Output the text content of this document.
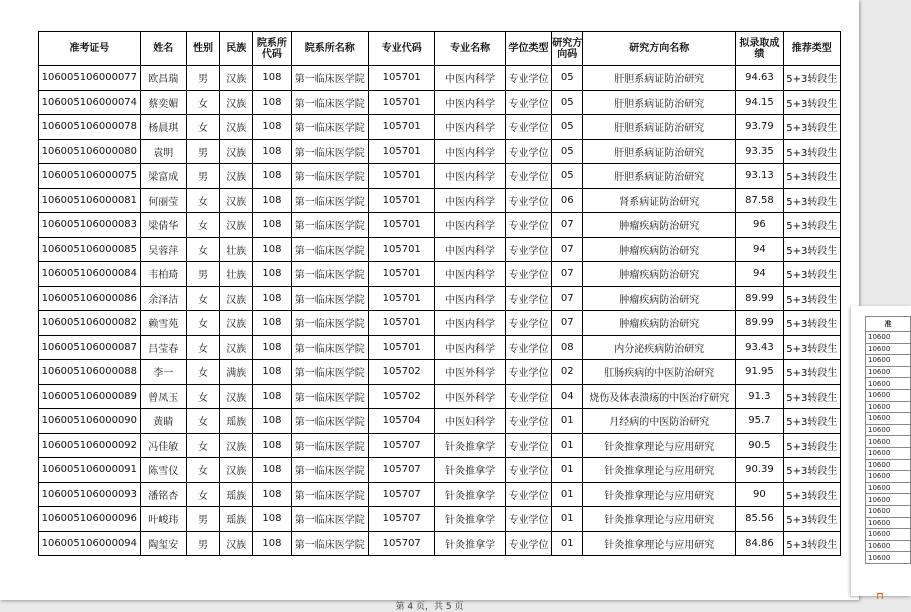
准考证号	姓名	性别	民族	院系所代码	院系所名称	专业代码	专业名称	学位类型	研究方向码	研究方向名称	拟录取成绩	推荐类型
106005106000077	欧昌瑞	男	汉族	108	第一临床医学院	105701	中医内科学	专业学位	05	肝胆系病证防治研究	94.63	5+3转段生
106005106000074	蔡奕媚	女	汉族	108	第一临床医学院	105701	中医内科学	专业学位	05	肝胆系病证防治研究	94.15	5+3转段生
106005106000078	杨晨琪	女	汉族	108	第一临床医学院	105701	中医内科学	专业学位	05	肝胆系病证防治研究	93.79	5+3转段生
106005106000080	袁明	男	汉族	108	第一临床医学院	105701	中医内科学	专业学位	05	肝胆系病证防治研究	93.35	5+3转段生
106005106000075	梁富成	男	汉族	108	第一临床医学院	105701	中医内科学	专业学位	05	肝胆系病证防治研究	93.13	5+3转段生
106005106000081	何丽莹	女	汉族	108	第一临床医学院	105701	中医内科学	专业学位	06	肾系病证防治研究	87.58	5+3转段生
106005106000083	梁倩华	女	汉族	108	第一临床医学院	105701	中医内科学	专业学位	07	肿瘤疾病防治研究	96	5+3转段生
106005106000085	吴蓉萍	女	壮族	108	第一临床医学院	105701	中医内科学	专业学位	07	肿瘤疾病防治研究	94	5+3转段生
106005106000084	韦柏琦	男	壮族	108	第一临床医学院	105701	中医内科学	专业学位	07	肿瘤疾病防治研究	94	5+3转段生
106005106000086	余泽洁	女	汉族	108	第一临床医学院	105701	中医内科学	专业学位	07	肿瘤疾病防治研究	89.99	5+3转段生
106005106000082	赖雪苑	女	汉族	108	第一临床医学院	105701	中医内科学	专业学位	07	肿瘤疾病防治研究	89.99	5+3转段生
106005106000087	吕莹春	女	汉族	108	第一临床医学院	105701	中医内科学	专业学位	08	内分泌疾病防治研究	93.43	5+3转段生
106005106000088	李一	女	满族	108	第一临床医学院	105702	中医外科学	专业学位	02	肛肠疾病的中医防治研究	91.95	5+3转段生
106005106000089	曾凤玉	女	汉族	108	第一临床医学院	105702	中医外科学	专业学位	04	烧伤及体表溃疡的中医治疗研究	91.3	5+3转段生
106005106000090	黄睛	女	瑶族	108	第一临床医学院	105704	中医妇科学	专业学位	01	月经病的中医防治研究	95.7	5+3转段生
106005106000092	冯佳敏	女	汉族	108	第一临床医学院	105707	针灸推拿学	专业学位	01	针灸推拿理论与应用研究	90.5	5+3转段生
106005106000091	陈雪仪	女	汉族	108	第一临床医学院	105707	针灸推拿学	专业学位	01	针灸推拿理论与应用研究	90.39	5+3转段生
106005106000093	潘铭杏	女	瑶族	108	第一临床医学院	105707	针灸推拿学	专业学位	01	针灸推拿理论与应用研究	90	5+3转段生
106005106000096	叶峻玮	男	瑶族	108	第一临床医学院	105707	针灸推拿学	专业学位	01	针灸推拿理论与应用研究	85.56	5+3转段生
106005106000094	陶玺安	男	汉族	108	第一临床医学院	105707	针灸推拿学	专业学位	01	针灸推拿理论与应用研究	84.86	5+3转段生
第 4 页，共 5 页
准
10600
10600
10600
10600
10600
10600
10600
10600
10600
10600
10600
10600
10600
10600
10600
10600
10600
10600
10600
10600
⊓
